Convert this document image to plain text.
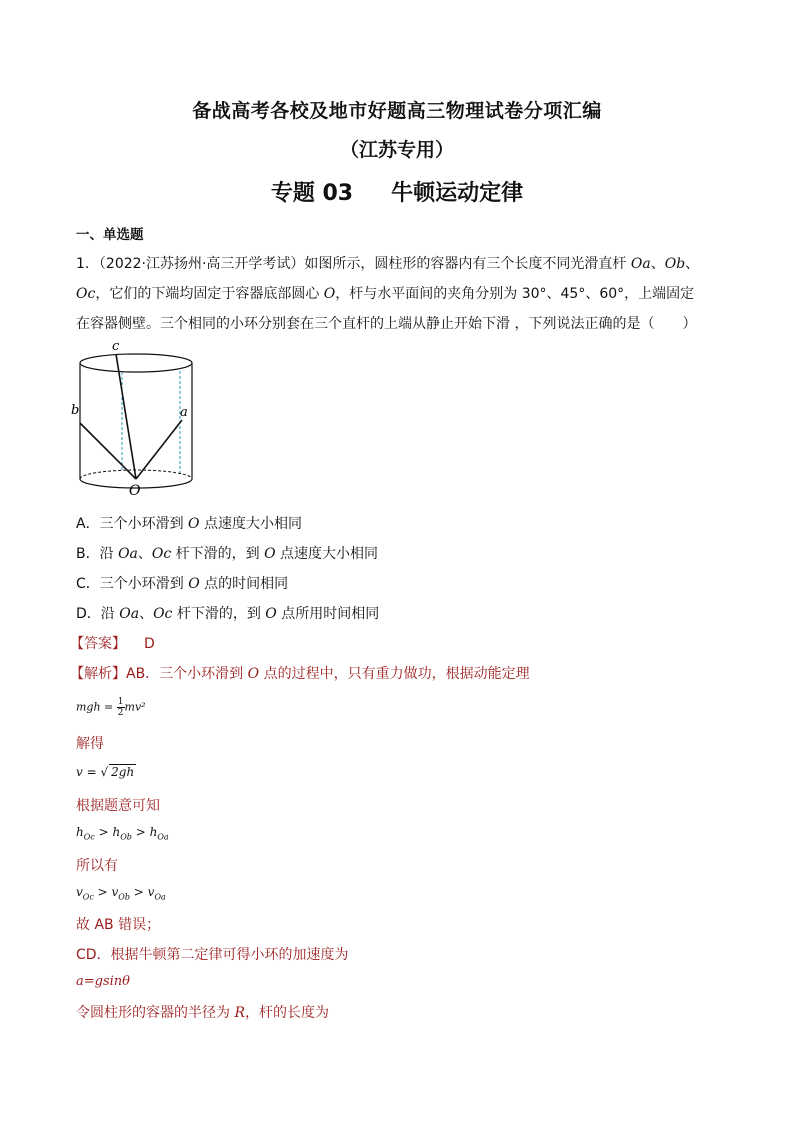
备战高考各校及地市好题高三物理试卷分项汇编
（江苏专用）
专题 03 牛顿运动定律
一、单选题
1．（2022·江苏扬州·高三开学考试）如图所示，圆柱形的容器内有三个长度不同光滑直杆 Oa、Ob、
Oc，它们的下端均固定于容器底部圆心 O，杆与水平面间的夹角分别为 30°、45°、60°，上端固定
在容器侧壁。三个相同的小环分别套在三个直杆的上端从静止开始下滑 ，下列说法正确的是（　　）
c
b	a
O
A．三个小环滑到 O 点速度大小相同
B．沿 Oa、Oc 杆下滑的，到 O 点速度大小相同
C．三个小环滑到 O 点的时间相同
D．沿 Oa、Oc 杆下滑的，到 O 点所用时间相同
【答案】 D
【解析】AB．三个小环滑到 O 点的过程中，只有重力做功，根据动能定理
mgh = $\frac{1}{2} mv^2$
解得
v = √ 2gh
根据题意可知
$h_{Oc} > h_{Ob} > h_{Oa}$
所以有
$v_{Oc} > v_{Ob} > v_{Oa}$
故 AB 错误；
CD．根据牛顿第二定律可得小环的加速度为
a=gsinθ
令圆柱形的容器的半径为 R，杆的长度为
